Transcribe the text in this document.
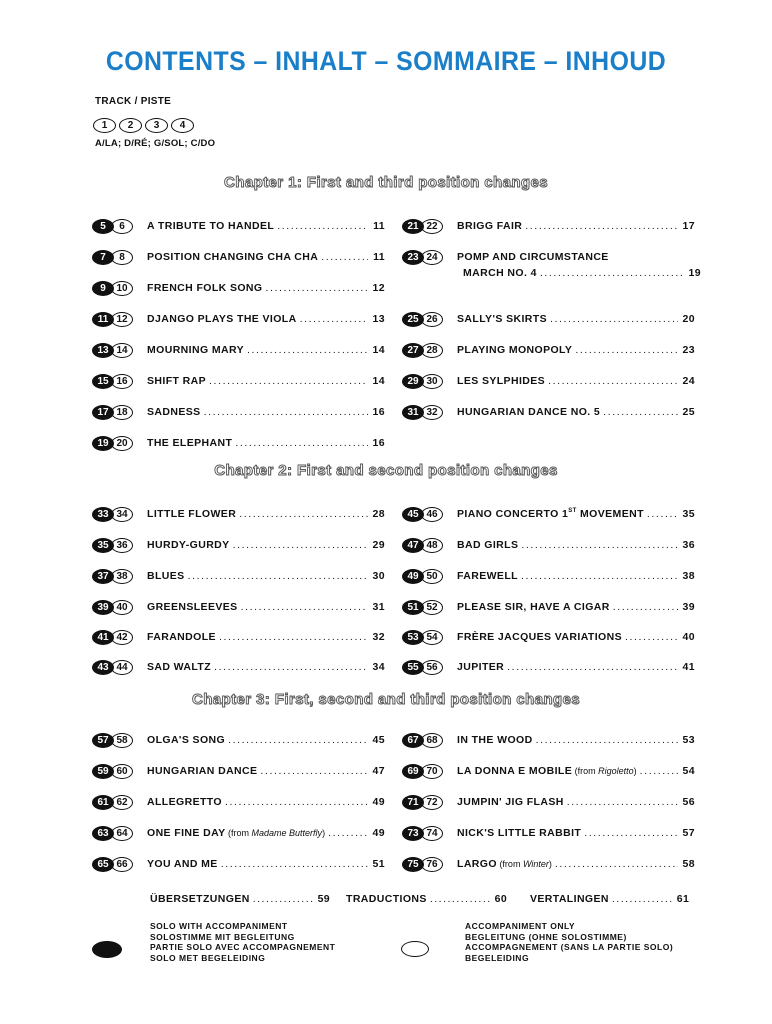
CONTENTS – INHALT – SOMMAIRE – INHOUD
TRACK / PISTE
1	2	3	4
A/LA; D/RÉ; G/SOL; C/DO
Chapter 1: First and third position changes
5	6	A TRIBUTE TO HANDEL .....	11
7	8	POSITION CHANGING CHA CHA .....	11
9	10	FRENCH FOLK SONG .....	12
11 12	DJANGO PLAYS THE VIOLA .....	13
13 14	MOURNING MARY .....	14
15 16	SHIFT RAP .....	14
17 18	SADNESS .....	16
19 20	THE ELEPHANT .....	16
21 22	BRIGG FAIR .....	17
23 24	POMP AND CIRCUMSTANCE
MARCH NO. 4 .....	19
25 26	SALLY'S SKIRTS .....	20
27 28	PLAYING MONOPOLY .....	23
29 30	LES SYLPHIDES .....	24
31 32	HUNGARIAN DANCE NO. 5 .....	25
Chapter 2: First and second position changes
33 34	LITTLE FLOWER .....	28
35 36	HURDY-GURDY .....	29
37 38	BLUES .....	30
39 40	GREENSLEEVES .....	31
41 42	FARANDOLE .....	32
43 44	SAD WALTZ .....	34
45 46	PIANO CONCERTO 1ST MOVEMENT .....	35
47 48	BAD GIRLS .....	36
49 50	FAREWELL .....	38
51 52	PLEASE SIR, HAVE A CIGAR .....	39
53 54	FRÈRE JACQUES VARIATIONS .....	40
55 56	JUPITER .....	41
Chapter 3: First, second and third position changes
57 58	OLGA'S SONG .....	45
59 60	HUNGARIAN DANCE .....	47
61 62	ALLEGRETTO .....	49
63 64	ONE FINE DAY (from Madame Butterfly) .....	49
65 66	YOU AND ME .....	51
67 68	IN THE WOOD .....	53
69 70	LA DONNA E MOBILE (from Rigoletto) .....	54
71 72	JUMPIN' JIG FLASH .....	56
73 74	NICK'S LITTLE RABBIT .....	57
75 76	LARGO (from Winter) .....	58
ÜBERSETZUNGEN .............. 59 TRADUCTIONS .............. 60 VERTALINGEN .............. 61
SOLO WITH ACCOMPANIMENT
SOLOSTIMME MIT BEGLEITUNG
PARTIE SOLO AVEC ACCOMPAGNEMENT
SOLO MET BEGELEIDING
ACCOMPANIMENT ONLY
BEGLEITUNG (OHNE SOLOSTIMME)
ACCOMPAGNEMENT (SANS LA PARTIE SOLO)
BEGELEIDING
